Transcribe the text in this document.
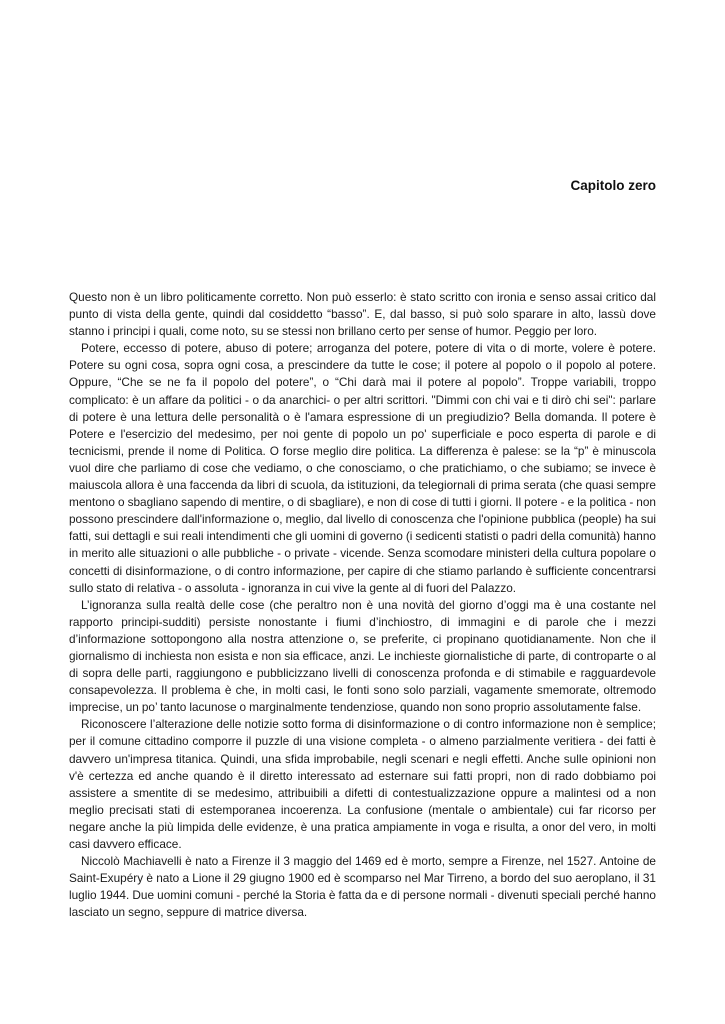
Capitolo zero

Questo non è un libro politicamente corretto. Non può esserlo: è stato scritto con ironia e senso assai critico dal punto di vista della gente, quindi dal cosiddetto “basso”. E, dal basso, si può solo sparare in alto, lassù dove stanno i principi i quali, come noto, su se stessi non brillano certo per sense of humor. Peggio per loro.

Potere, eccesso di potere, abuso di potere; arroganza del potere, potere di vita o di morte, volere è potere. Potere su ogni cosa, sopra ogni cosa, a prescindere da tutte le cose; il potere al popolo o il popolo al potere. Oppure, “Che se ne fa il popolo del potere”, o “Chi darà mai il potere al popolo”. Troppe variabili, troppo complicato: è un affare da politici - o da anarchici- o per altri scrittori. "Dimmi con chi vai e ti dirò chi sei": parlare di potere è una lettura delle personalità o è l'amara espressione di un pregiudizio? Bella domanda. Il potere è Potere e l'esercizio del medesimo, per noi gente di popolo un po' superficiale e poco esperta di parole e di tecnicismi, prende il nome di Politica. O forse meglio dire politica. La differenza è palese: se la “p” è minuscola vuol dire che parliamo di cose che vediamo, o che conosciamo, o che pratichiamo, o che subiamo; se invece è maiuscola allora è una faccenda da libri di scuola, da istituzioni, da telegiornali di prima serata (che quasi sempre mentono o sbagliano sapendo di mentire, o di sbagliare), e non di cose di tutti i giorni. Il potere - e la politica - non possono prescindere dall'informazione o, meglio, dal livello di conoscenza che l'opinione pubblica (people) ha sui fatti, sui dettagli e sui reali intendimenti che gli uomini di governo (i sedicenti statisti o padri della comunità) hanno in merito alle situazioni o alle pubbliche - o private - vicende. Senza scomodare ministeri della cultura popolare o concetti di disinformazione, o di contro informazione, per capire di che stiamo parlando è sufficiente concentrarsi sullo stato di relativa - o assoluta - ignoranza in cui vive la gente al di fuori del Palazzo.

L’ignoranza sulla realtà delle cose (che peraltro non è una novità del giorno d’oggi ma è una costante nel rapporto principi-sudditi) persiste nonostante i fiumi d’inchiostro, di immagini e di parole che i mezzi d’informazione sottopongono alla nostra attenzione o, se preferite, ci propinano quotidianamente. Non che il giornalismo di inchiesta non esista e non sia efficace, anzi. Le inchieste giornalistiche di parte, di controparte o al di sopra delle parti, raggiungono e pubblicizzano livelli di conoscenza profonda e di stimabile e ragguardevole consapevolezza. Il problema è che, in molti casi, le fonti sono solo parziali, vagamente smemorate, oltremodo imprecise, un po’ tanto lacunose o marginalmente tendenziose, quando non sono proprio assolutamente false.

Riconoscere l’alterazione delle notizie sotto forma di disinformazione o di contro informazione non è semplice; per il comune cittadino comporre il puzzle di una visione completa - o almeno parzialmente veritiera - dei fatti è davvero un'impresa titanica. Quindi, una sfida improbabile, negli scenari e negli effetti. Anche sulle opinioni non v'è certezza ed anche quando è il diretto interessato ad esternare sui fatti propri, non di rado dobbiamo poi assistere a smentite di se medesimo, attribuibili a difetti di contestualizzazione oppure a malintesi od a non meglio precisati stati di estemporanea incoerenza. La confusione (mentale o ambientale) cui far ricorso per negare anche la più limpida delle evidenze, è una pratica ampiamente in voga e risulta, a onor del vero, in molti casi davvero efficace.

Niccolò Machiavelli è nato a Firenze il 3 maggio del 1469 ed è morto, sempre a Firenze, nel 1527. Antoine de Saint-Exupéry è nato a Lione il 29 giugno 1900 ed è scomparso nel Mar Tirreno, a bordo del suo aeroplano, il 31 luglio 1944. Due uomini comuni - perché la Storia è fatta da e di persone normali - divenuti speciali perché hanno lasciato un segno, seppure di matrice diversa.
